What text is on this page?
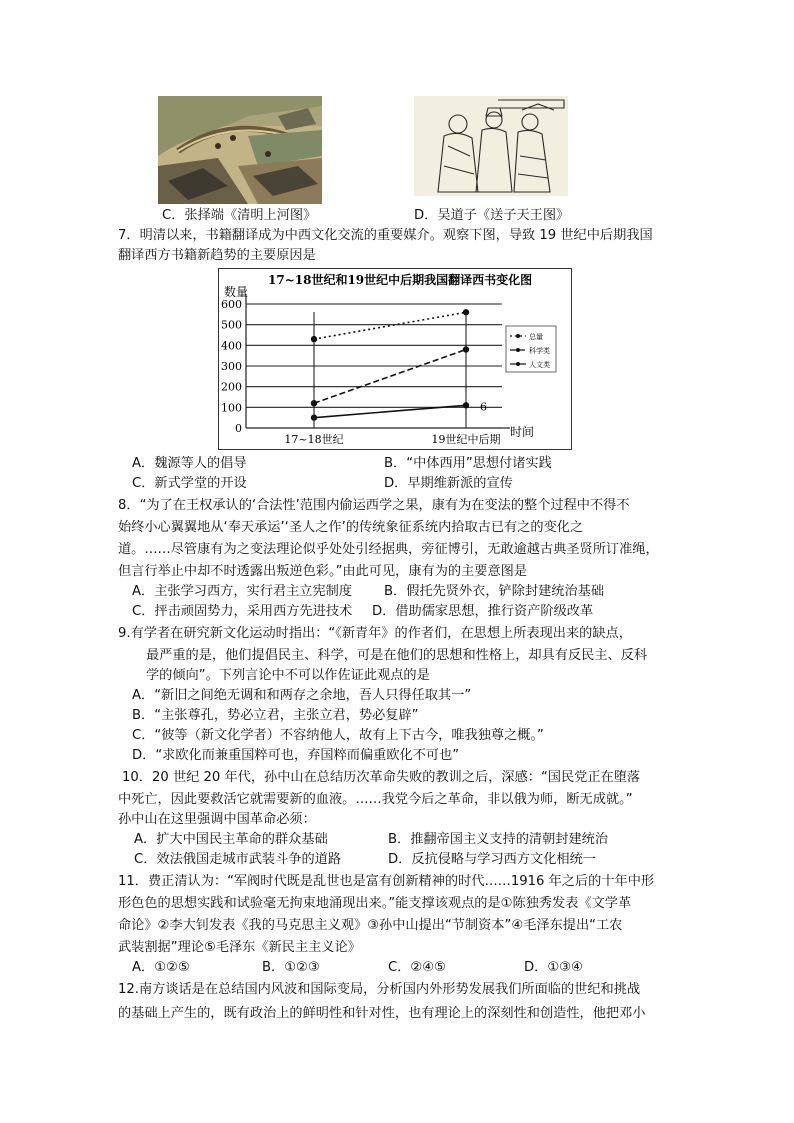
C．张择端《清明上河图》	D．吴道子《送子天王图》
7．明清以来，书籍翻译成为中西文化交流的重要媒介。观察下图，导致 19 世纪中后期我国
翻译西方书籍新趋势的主要原因是
17~18世纪和19世纪中后期我国翻译西书变化图
数量
时间
0
100
200
300
400
500
600
17~18世纪	19世纪中后期
6
总量
科学类
人文类
A．魏源等人的倡导	B．“中体西用”思想付诸实践
C．新式学堂的开设	D．早期维新派的宣传
8．“为了在王权承认的‘合法性’范围内偷运西学之果，康有为在变法的整个过程中不得不
始终小心翼翼地从‘奉天承运’‘圣人之作’的传统象征系统内拾取古已有之的变化之
道。……尽管康有为之变法理论似乎处处引经据典，旁征博引，无敢逾越古典圣贤所订准绳，
但言行举止中却不时透露出叛逆色彩。”由此可见，康有为的主要意图是
A．主张学习西方，实行君主立宪制度 B．假托先贤外衣，铲除封建统治基础
C．抨击顽固势力，采用西方先进技术 D．借助儒家思想，推行资产阶级改革
9.有学者在研究新文化运动时指出：“《新青年》的作者们，在思想上所表现出来的缺点，
最严重的是，他们提倡民主、科学，可是在他们的思想和性格上，却具有反民主、反科
学的倾向”。下列言论中不可以作佐证此观点的是
A．“新旧之间绝无调和和两存之余地，吾人只得任取其一”
B．“主张尊孔，势必立君，主张立君，势必复辟”
C．“彼等（新文化学者）不容纳他人，故有上下古今，唯我独尊之概。”
D．“求欧化而兼重国粹可也，弃国粹而偏重欧化不可也”
10．20 世纪 20 年代，孙中山在总结历次革命失败的教训之后，深感：“国民党正在堕落
中死亡，因此要救活它就需要新的血液。……我党今后之革命，非以俄为师，断无成就。”
孙中山在这里强调中国革命必须：
A．扩大中国民主革命的群众基础	B．推翻帝国主义支持的清朝封建统治
C．效法俄国走城市武装斗争的道路	D．反抗侵略与学习西方文化相统一
11．费正清认为：“军阀时代既是乱世也是富有创新精神的时代……1916 年之后的十年中形
形色色的思想实践和试验毫无拘束地涌现出来。”能支撑该观点的是①陈独秀发表《文学革
命论》②李大钊发表《我的马克思主义观》③孙中山提出“节制资本”④毛泽东提出“工农
武装割据”理论⑤毛泽东《新民主主义论》
A．①②⑤	B．①②③	C．②④⑤	D．①③④
12.南方谈话是在总结国内风波和国际变局，分析国内外形势发展我们所面临的世纪和挑战
的基础上产生的，既有政治上的鲜明性和针对性，也有理论上的深刻性和创造性，他把邓小
